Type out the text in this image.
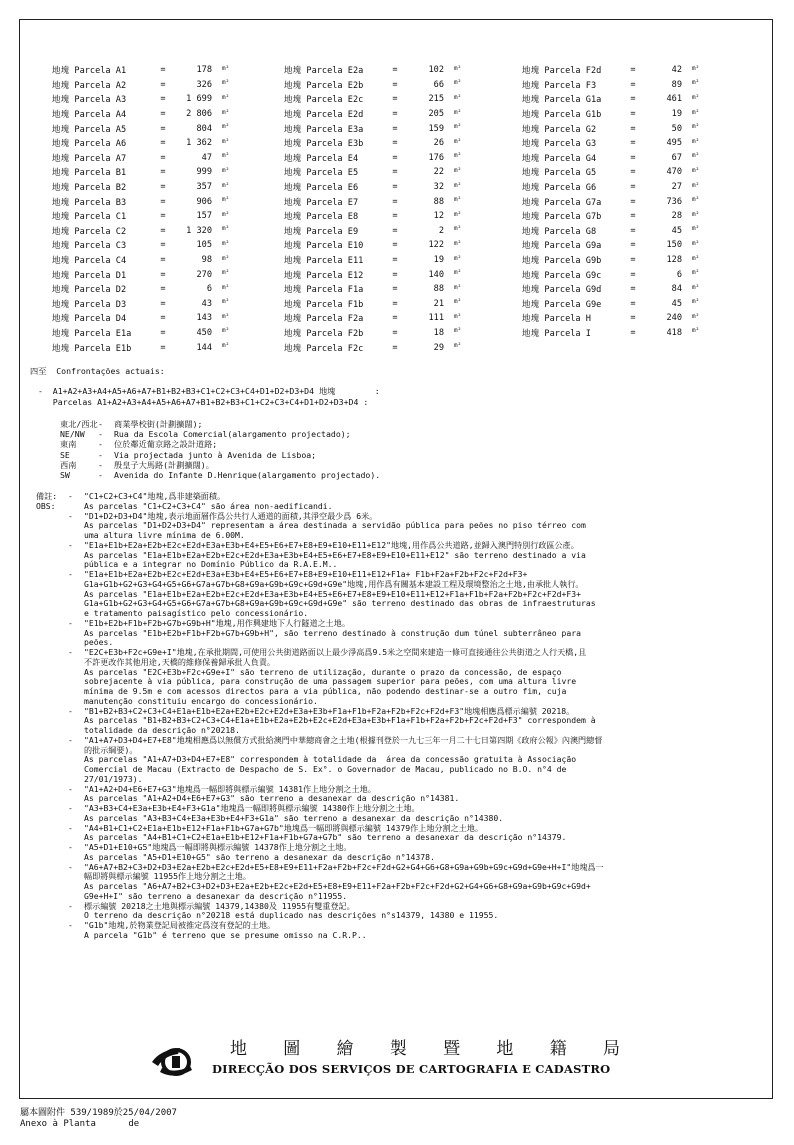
地塊 Parcela A1	=	178	m²
地塊 Parcela A2	=	326	m²
地塊 Parcela A3	=	1 699	m²
地塊 Parcela A4	=	2 806	m²
地塊 Parcela A5	=	804	m²
地塊 Parcela A6	=	1 362	m²
地塊 Parcela A7	=	47	m²
地塊 Parcela B1	=	999	m²
地塊 Parcela B2	=	357	m²
地塊 Parcela B3	=	906	m²
地塊 Parcela C1	=	157	m²
地塊 Parcela C2	=	1 320	m²
地塊 Parcela C3	=	105	m²
地塊 Parcela C4	=	98	m²
地塊 Parcela D1	=	270	m²
地塊 Parcela D2	=	6	m²
地塊 Parcela D3	=	43	m²
地塊 Parcela D4	=	143	m²
地塊 Parcela E1a	=	450	m²
地塊 Parcela E1b	=	144	m²
地塊 Parcela E2a	=	102	m²
地塊 Parcela E2b	=	66	m²
地塊 Parcela E2c	=	215	m²
地塊 Parcela E2d	=	205	m²
地塊 Parcela E3a	=	159	m²
地塊 Parcela E3b	=	26	m²
地塊 Parcela E4	=	176	m²
地塊 Parcela E5	=	22	m²
地塊 Parcela E6	=	32	m²
地塊 Parcela E7	=	88	m²
地塊 Parcela E8	=	12	m²
地塊 Parcela E9	=	2	m²
地塊 Parcela E10	=	122	m²
地塊 Parcela E11	=	19	m²
地塊 Parcela E12	=	140	m²
地塊 Parcela F1a	=	88	m²
地塊 Parcela F1b	=	21	m²
地塊 Parcela F2a	=	111	m²
地塊 Parcela F2b	=	18	m²
地塊 Parcela F2c	=	29	m²
地塊 Parcela F2d	=	42	m²
地塊 Parcela F3	=	89	m²
地塊 Parcela G1a	=	461	m²
地塊 Parcela G1b	=	19	m²
地塊 Parcela G2	=	50	m²
地塊 Parcela G3	=	495	m²
地塊 Parcela G4	=	67	m²
地塊 Parcela G5	=	470	m²
地塊 Parcela G6	=	27	m²
地塊 Parcela G7a	=	736	m²
地塊 Parcela G7b	=	28	m²
地塊 Parcela G8	=	45	m²
地塊 Parcela G9a	=	150	m²
地塊 Parcela G9b	=	128	m²
地塊 Parcela G9c	=	6	m²
地塊 Parcela G9d	=	84	m²
地塊 Parcela G9e	=	45	m²
地塊 Parcela H	=	240	m²
地塊 Parcela I	=	418	m²
四至  Confrontações actuais:
-  A1+A2+A3+A4+A5+A6+A7+B1+B2+B3+C1+C2+C3+C4+D1+D2+D3+D4 地塊        :
Parcelas A1+A2+A3+A4+A5+A6+A7+B1+B2+B3+C1+C2+C3+C4+D1+D2+D3+D4 :
東北/西北 -	商業學校街(計劃擴闊);
NE/NW	-	Rua da Escola Comercial(alargamento projectado);
東南	-	位於鄰近葡京路之設計道路;
SE	-	Via projectada junto à Avenida de Lisboa;
西南	-	殷皇子大馬路(計劃擴闊)。
SW	-	Avenida do Infante D.Henrique(alargamento projectado).
備註:
OBS:
-	"C1+C2+C3+C4"地塊,爲非建築面積。
As parcelas "C1+C2+C3+C4" são área non-aedificandi.
-	"D1+D2+D3+D4"地塊,表示地面層作爲公共行人通道的面積,其淨空最少爲 6米。
As parcelas "D1+D2+D3+D4" representam a área destinada a servidão pública para peões no piso térreo com
uma altura livre mínima de 6.00M.
-	"E1a+E1b+E2a+E2b+E2c+E2d+E3a+E3b+E4+E5+E6+E7+E8+E9+E10+E11+E12"地塊,用作爲公共道路,並歸入澳門特別行政區公產。
As parcelas "E1a+E1b+E2a+E2b+E2c+E2d+E3a+E3b+E4+E5+E6+E7+E8+E9+E10+E11+E12" são terreno destinado a via
pública e a integrar no Domínio Público da R.A.E.M..
-	"E1a+E1b+E2a+E2b+E2c+E2d+E3a+E3b+E4+E5+E6+E7+E8+E9+E10+E11+E12+F1a+ F1b+F2a+F2b+F2c+F2d+F3+
G1a+G1b+G2+G3+G4+G5+G6+G7a+G7b+G8+G9a+G9b+G9c+G9d+G9e"地塊,用作爲有關基本建設工程及環境整治之土地,由承批人執行。
As parcelas "E1a+E1b+E2a+E2b+E2c+E2d+E3a+E3b+E4+E5+E6+E7+E8+E9+E10+E11+E12+F1a+F1b+F2a+F2b+F2c+F2d+F3+
G1a+G1b+G2+G3+G4+G5+G6+G7a+G7b+G8+G9a+G9b+G9c+G9d+G9e" são terreno destinado das obras de infraestruturas
e tratamento paisagístico pelo concessionário.
-	"E1b+E2b+F1b+F2b+G7b+G9b+H"地塊,用作興建地下人行隧道之土地。
As parcelas "E1b+E2b+F1b+F2b+G7b+G9b+H", são terreno destinado à construção dum túnel subterrâneo para
peões.
-	"E2C+E3b+F2c+G9e+I"地塊,在承批期間,可使用公共街道路面以上最少淨高爲9.5米之空間來建造一條可直接通往公共街道之人行天橋,且
不許更改作其他用途,天橋的維修保養歸承批人負責。
As parcelas "E2C+E3b+F2c+G9e+I" são terreno de utilização, durante o prazo da concessão, de espaço
sobrejacente à via pública, para construção de uma passagem superior para peões, com uma altura livre
mínima de 9.5m e com acessos directos para a via pública, não podendo destinar-se a outro fim, cuja
manutenção constituiu encargo do concessionário.
-	"B1+B2+B3+C2+C3+C4+E1a+E1b+E2a+E2b+E2c+E2d+E3a+E3b+F1a+F1b+F2a+F2b+F2c+F2d+F3"地塊相應爲標示編號 20218。
As parcelas "B1+B2+B3+C2+C3+C4+E1a+E1b+E2a+E2b+E2c+E2d+E3a+E3b+F1a+F1b+F2a+F2b+F2c+F2d+F3" correspondem à
totalidade da descrição n°20218.
-	"A1+A7+D3+D4+E7+E8"地塊相應爲以無償方式批給澳門中華總商會之土地(根據刊登於一九七三年一月二十七日第四期《政府公報》內澳門總督
的批示綱要)。
As parcelas "A1+A7+D3+D4+E7+E8" correspondem à totalidade da  área da concessão gratuita à Associação
Comercial de Macau (Extracto de Despacho de S. Ex°. o Governador de Macau, publicado no B.O. n°4 de
27/01/1973).
-	"A1+A2+D4+E6+E7+G3"地塊爲一幅即將與標示編號 14381作上地分割之土地。
As parcelas "A1+A2+D4+E6+E7+G3" são terreno a desanexar da descrição n°14381.
-	"A3+B3+C4+E3a+E3b+E4+F3+G1a"地塊爲一幅即將與標示編號 14380作上地分割之土地。
As parcelas "A3+B3+C4+E3a+E3b+E4+F3+G1a" são terreno a desanexar da descrição n°14380.
-	"A4+B1+C1+C2+E1a+E1b+E12+F1a+F1b+G7a+G7b"地塊爲一幅即將與標示編號 14379作上地分割之土地。
As parcelas "A4+B1+C1+C2+E1a+E1b+E12+F1a+F1b+G7a+G7b" são terreno a desanexar da descrição n°14379.
-	"A5+D1+E10+G5"地塊爲一幅即將與標示編號 14378作上地分割之土地。
As parcelas "A5+D1+E10+G5" são terreno a desanexar da descrição n°14378.
-	"A6+A7+B2+C3+D2+D3+E2a+E2b+E2c+E2d+E5+E8+E9+E11+F2a+F2b+F2c+F2d+G2+G4+G6+G8+G9a+G9b+G9c+G9d+G9e+H+I"地塊爲一
幅即將與標示編號 11955作上地分割之土地。
As parcelas "A6+A7+B2+C3+D2+D3+E2a+E2b+E2c+E2d+E5+E8+E9+E11+F2a+F2b+F2c+F2d+G2+G4+G6+G8+G9a+G9b+G9c+G9d+
G9e+H+I" são terreno a desanexar da descrição n°11955.
-	標示編號 20218之土地與標示編號 14379,14380及 11955有雙重登記。
O terreno da descrição n°20218 está duplicado nas descrições n°s14379, 14380 e 11955.
-	"G1b"地塊,於物業登記局被推定爲沒有登記的土地。
A parcela "G1b" é terreno que se presume omisso na C.R.P..
地 圖 繪 製 暨 地 籍 局
DIRECÇÃO DOS SERVIÇOS DE CARTOGRAFIA E CADASTRO
屬本圖附件 539/1989於25/04/2007
Anexo à Planta      de
